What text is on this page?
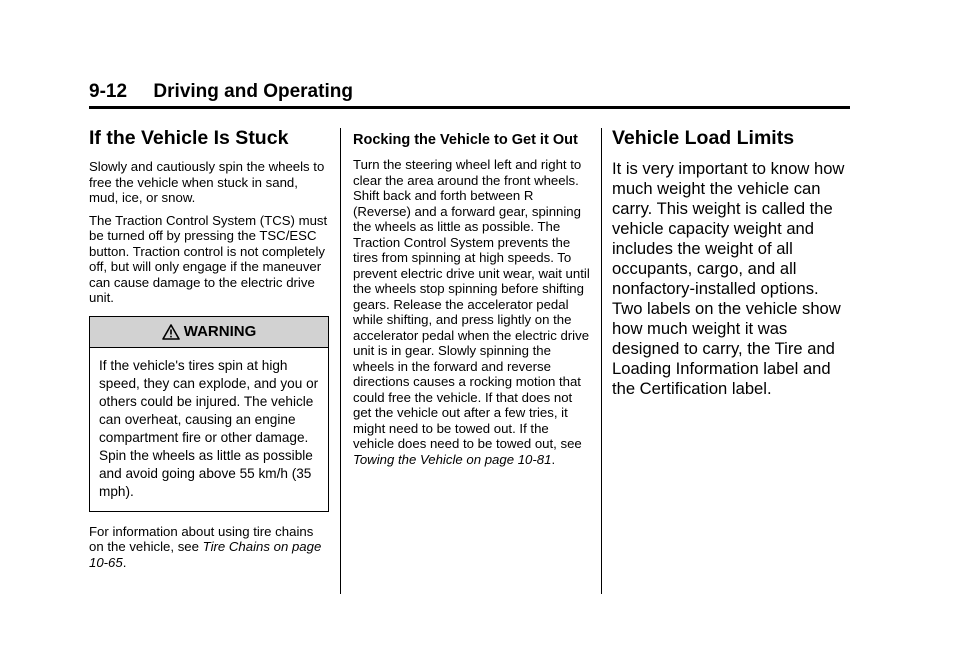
9-12     Driving and Operating
If the Vehicle Is Stuck

Slowly and cautiously spin the wheels to free the vehicle when stuck in sand, mud, ice, or snow.

The Traction Control System (TCS) must be turned off by pressing the TSC/ESC button. Traction control is not completely off, but will only engage if the maneuver can cause damage to the electric drive unit.

WARNING
If the vehicle's tires spin at high speed, they can explode, and you or others could be injured. The vehicle can overheat, causing an engine compartment fire or other damage. Spin the wheels as little as possible and avoid going above 55 km/h (35 mph).

For information about using tire chains on the vehicle, see Tire Chains on page 10-65.

Rocking the Vehicle to Get it Out

Turn the steering wheel left and right to clear the area around the front wheels. Shift back and forth between R (Reverse) and a forward gear, spinning the wheels as little as possible. The Traction Control System prevents the tires from spinning at high speeds. To prevent electric drive unit wear, wait until the wheels stop spinning before shifting gears. Release the accelerator pedal while shifting, and press lightly on the accelerator pedal when the electric drive unit is in gear. Slowly spinning the wheels in the forward and reverse directions causes a rocking motion that could free the vehicle. If that does not get the vehicle out after a few tries, it might need to be towed out. If the vehicle does need to be towed out, see Towing the Vehicle on page 10-81.

Vehicle Load Limits

It is very important to know how much weight the vehicle can carry. This weight is called the vehicle capacity weight and includes the weight of all occupants, cargo, and all nonfactory-installed options. Two labels on the vehicle show how much weight it was designed to carry, the Tire and Loading Information label and the Certification label.
